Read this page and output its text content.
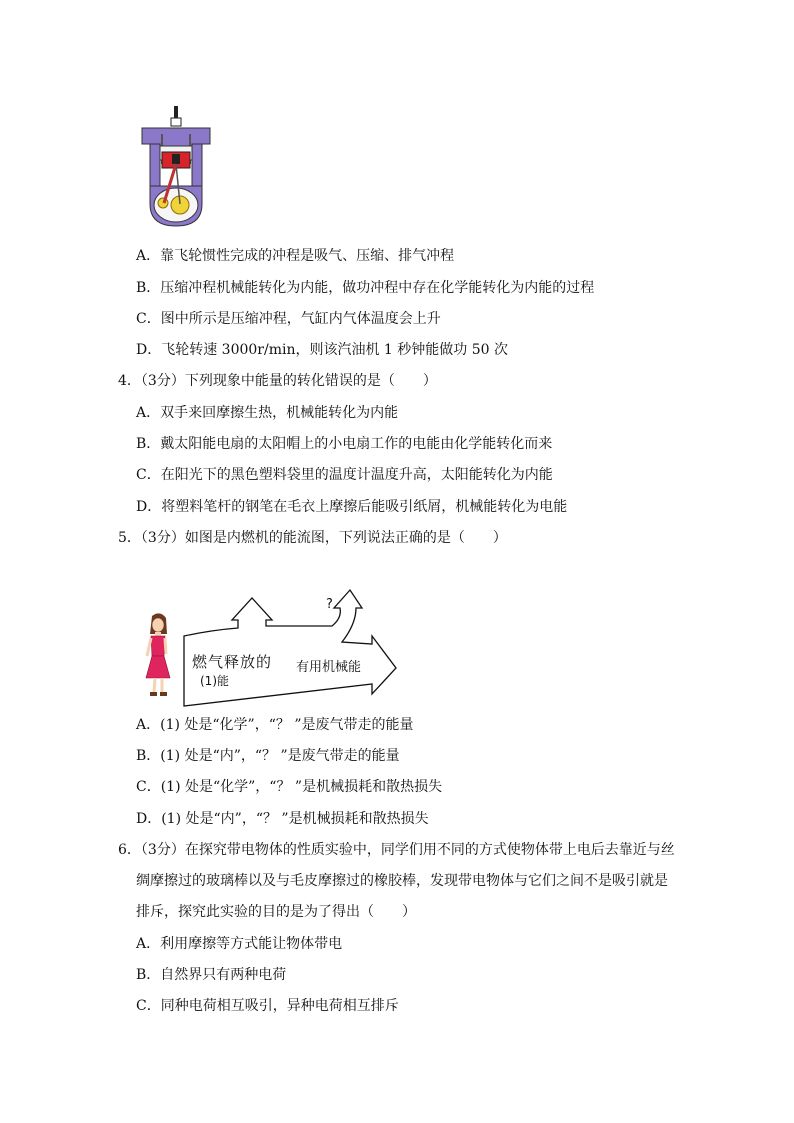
A．靠飞轮惯性完成的冲程是吸气、压缩、排气冲程
B．压缩冲程机械能转化为内能，做功冲程中存在化学能转化为内能的过程
C．图中所示是压缩冲程，气缸内气体温度会上升
D．飞轮转速 3000r/min，则该汽油机 1 秒钟能做功 50 次
4．（3分）下列现象中能量的转化错误的是（　　）
A．双手来回摩擦生热，机械能转化为内能
B．戴太阳能电扇的太阳帽上的小电扇工作的电能由化学能转化而来
C．在阳光下的黑色塑料袋里的温度计温度升高，太阳能转化为内能
D．将塑料笔杆的钢笔在毛衣上摩擦后能吸引纸屑，机械能转化为电能
5．（3分）如图是内燃机的能流图，下列说法正确的是（　　）
?
燃气释放的
(1)能
有用机械能
A．(1) 处是“化学”，“？ ”是废气带走的能量
B．(1) 处是“内”，“？ ”是废气带走的能量
C．(1) 处是“化学”，“？ ”是机械损耗和散热损失
D．(1) 处是“内”，“？ ”是机械损耗和散热损失
6．（3分）在探究带电物体的性质实验中，同学们用不同的方式使物体带上电后去靠近与丝
绸摩擦过的玻璃棒以及与毛皮摩擦过的橡胶棒，发现带电物体与它们之间不是吸引就是
排斥，探究此实验的目的是为了得出（　　）
A．利用摩擦等方式能让物体带电
B．自然界只有两种电荷
C．同种电荷相互吸引，异种电荷相互排斥
